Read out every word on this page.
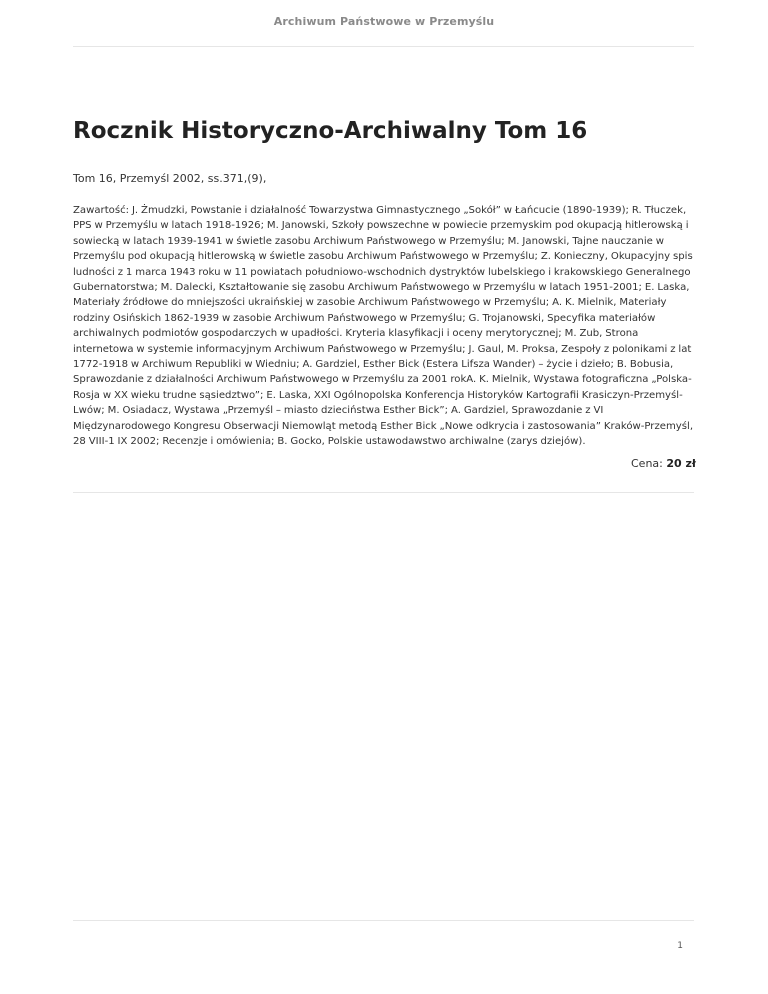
Archiwum Państwowe w Przemyślu
Rocznik Historyczno-Archiwalny Tom 16

Tom 16, Przemyśl 2002, ss.371,(9),

Zawartość: J. Żmudzki, Powstanie i działalność Towarzystwa Gimnastycznego „Sokół” w Łańcucie (1890-1939); R. Tłuczek, PPS w Przemyślu w latach 1918-1926; M. Janowski, Szkoły powszechne w powiecie przemyskim pod okupacją hitlerowską i sowiecką w latach 1939-1941 w świetle zasobu Archiwum Państwowego w Przemyślu; M. Janowski, Tajne nauczanie w Przemyślu pod okupacją hitlerowską w świetle zasobu Archiwum Państwowego w Przemyślu; Z. Konieczny, Okupacyjny spis ludności z 1 marca 1943 roku w 11 powiatach południowo-wschodnich dystryktów lubelskiego i krakowskiego Generalnego Gubernatorstwa; M. Dalecki, Kształtowanie się zasobu Archiwum Państwowego w Przemyślu w latach 1951-2001; E. Laska, Materiały źródłowe do mniejszości ukraińskiej w zasobie Archiwum Państwowego w Przemyślu; A. K. Mielnik, Materiały rodziny Osińskich 1862-1939 w zasobie Archiwum Państwowego w Przemyślu; G. Trojanowski, Specyfika materiałów archiwalnych podmiotów gospodarczych w upadłości. Kryteria klasyfikacji i oceny merytorycznej; M. Zub, Strona internetowa w systemie informacyjnym Archiwum Państwowego w Przemyślu; J. Gaul, M. Proksa, Zespoły z polonikami z lat 1772-1918 w Archiwum Republiki w Wiedniu; A. Gardziel, Esther Bick (Estera Lifsza Wander) – życie i dzieło; B. Bobusia, Sprawozdanie z działalności Archiwum Państwowego w Przemyślu za 2001 rokA. K. Mielnik, Wystawa fotograficzna „Polska-Rosja w XX wieku trudne sąsiedztwo”; E. Laska, XXI Ogólnopolska Konferencja Historyków Kartografii Krasiczyn-Przemyśl-Lwów; M. Osiadacz, Wystawa „Przemyśl – miasto dzieciństwa Esther Bick”; A. Gardziel, Sprawozdanie z VI Międzynarodowego Kongresu Obserwacji Niemowląt metodą Esther Bick „Nowe odkrycia i zastosowania” Kraków-Przemyśl, 28 VIII-1 IX 2002; Recenzje i omówienia; B. Gocko, Polskie ustawodawstwo archiwalne (zarys dziejów).

Cena: 20 zł
1
